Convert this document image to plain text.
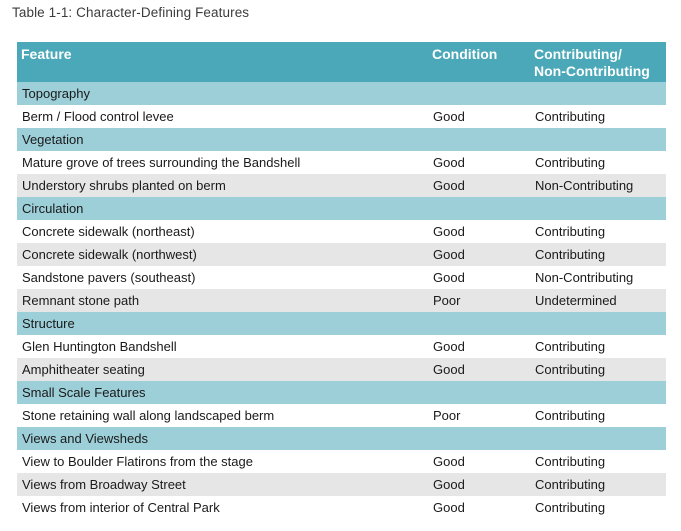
Table 1-1: Character-Defining Features
Feature	Condition	Contributing/
Non-Contributing
Topography		
Berm / Flood control levee	Good	Contributing
Vegetation		
Mature grove of trees surrounding the Bandshell	Good	Contributing
Understory shrubs planted on berm	Good	Non-Contributing
Circulation		
Concrete sidewalk (northeast)	Good	Contributing
Concrete sidewalk (northwest)	Good	Contributing
Sandstone pavers (southeast)	Good	Non-Contributing
Remnant stone path	Poor	Undetermined
Structure		
Glen Huntington Bandshell	Good	Contributing
Amphitheater seating	Good	Contributing
Small Scale Features		
Stone retaining wall along landscaped berm	Poor	Contributing
Views and Viewsheds		
View to Boulder Flatirons from the stage	Good	Contributing
Views from Broadway Street	Good	Contributing
Views from interior of Central Park	Good	Contributing
